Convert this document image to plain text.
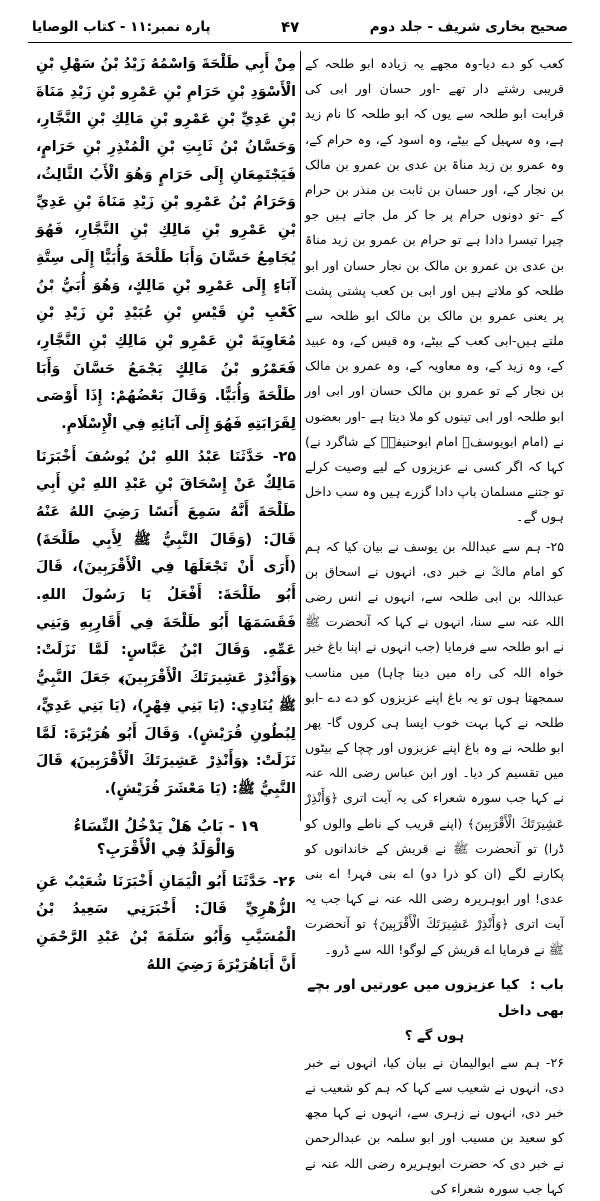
پارہ نمبر:۱۱ - کتاب الوصایا	۴۷	صحیح بخاری شریف - جلد دوم

کعب کو دے دیا-وہ مجھے یہ زیادہ ابو طلحہ کے قریبی رشتے دار تھے -اور حسان اور ابی کی قرابت ابو طلحہ سے یوں کہ ابو طلحہ کا نام زید ہے، وہ سہیل کے بیٹے، وہ اسود کے، وہ حرام کے، وہ عمرو بن زید مناۃ بن عدی بن عمرو بن مالک بن نجار کے، اور حسان بن ثابت بن منذر بن حرام کے -تو دونوں حرام پر جا کر مل جاتے ہیں جو چیرا تیسرا دادا ہے تو حرام بن عمرو بن زید مناۃ بن عدی بن عمرو بن مالک بن نجار حسان اور ابو طلحہ کو ملاتے ہیں اور ابی بن کعب پشتی پشت پر یعنی عمرو بن مالک بن مالک ابو طلحہ سے ملتے ہیں-ابی کعب کے بیٹے، وہ قیس کے، وہ عبید کے، وہ زید کے، وہ معاویہ کے، وہ عمرو بن مالک بن نجار کے تو عمرو بن مالک حسان اور ابی اور ابو طلحہ اور ابی تینوں کو ملا دیتا ہے -اور بعضوں نے (امام ابویوسفؒ امام ابوحنیفہؒ کے شاگرد نے) کہا کہ اگر کسی نے عزیزوں کے لیے وصیت کرلے تو جتنے مسلمان باپ دادا گزرے ہیں وہ سب داخل ہوں گے۔

۲۵- ہم سے عبداللہ بن یوسف نے بیان کیا کہ ہم کو امام مالکؒ نے خبر دی، انہوں نے اسحاق بن عبداللہ بن ابی طلحہ سے، انہوں نے انس رضی اللہ عنہ سے سنا، انہوں نے کہا کہ آنحضرت ﷺ نے ابو طلحہ سے فرمایا (جب انہوں نے اپنا باغ خیر خواہ اللہ کی راہ میں دینا چاہا) میں مناسب سمجھتا ہوں تو یہ باغ اپنے عزیزوں کو دے دے -ابو طلحہ نے کہا بہت خوب ایسا ہی کروں گا- پھر ابو طلحہ نے وہ باغ اپنے عزیزوں اور چچا کے بیٹوں میں تقسیم کر دیا۔ اور ابن عباس رضی اللہ عنہ نے کہا جب سورہ شعراء کی یہ آیت اتری ﴿وَأَنْذِرْ عَشِيرَتَكَ الْأَقْرَبِينَ﴾ (اپنے قریب کے ناطے والوں کو ڈرا) تو آنحضرت ﷺ نے قریش کے خاندانوں کو پکارنے لگے (ان کو ذرا دو) اے بنی فہر! اے بنی عدی! اور ابوہریرہ رضی اللہ عنہ نے کہا جب یہ آیت اتری ﴿وَأَنْذِرْ عَشِيرَتَكَ الْأَقْرَبِينَ﴾ تو آنحضرت ﷺ نے فرمایا اے قریش کے لوگو! اللہ سے ڈرو۔

باب : کیا عزیزوں میں عورتیں اور بچے بھی داخل
ہوں گے ؟

۲۶- ہم سے ابوالیمان نے بیان کیا، انہوں نے خبر دی، انہوں نے شعیب سے کہا کہ ہم کو شعیب نے خبر دی، انہوں نے زہری سے، انہوں نے کہا مجھ کو سعید بن مسیب اور ابو سلمہ بن عبدالرحمن نے خبر دی کہ حضرت ابوہریرہ رضی اللہ عنہ نے کہا جب سورہ شعراء کی

مِنْ أَبِي طَلْحَةَ وَاسْمُهُ زَيْدُ بْنُ سَهْلِ بْنِ الْأَسْوَدِ بْنِ حَرَامِ بْنِ عَمْرِو بْنِ زَيْدِ مَنَاةَ بْنِ عَدِيِّ بْنِ عَمْرِو بْنِ مَالِكِ بْنِ النَّجَّارِ، وَحَسَّانُ بْنُ ثَابِتِ بْنِ الْمُنْذِرِ بْنِ حَرَامٍ، فَيَجْتَمِعَانِ إِلَى حَرَامٍ وَهُوَ الْأَبُ الثَّالِثُ، وَحَرَامُ بْنُ عَمْرِو بْنِ زَيْدِ مَنَاةَ بْنِ عَدِيِّ بْنِ عَمْرِو بْنِ مَالِكِ بْنِ النَّجَّارِ، فَهُوَ يُجَامِعُ حَسَّانَ وَأَبَا طَلْحَةَ وَأُبَيًّا إِلَى سِتَّةِ آبَاءٍ إِلَى عَمْرِو بْنِ مَالِكٍ، وَهُوَ أُبَيُّ بْنُ كَعْبِ بْنِ قَيْسِ بْنِ عُبَيْدِ بْنِ زَيْدِ بْنِ مُعَاوِيَةَ بْنِ عَمْرِو بْنِ مَالِكِ بْنِ النَّجَّارِ، فَعَمْرُو بْنُ مَالِكٍ يَجْمَعُ حَسَّانَ وَأَبَا طَلْحَةَ وَأُبَيًّا. وَقَالَ بَعْضُهُمْ: إِذَا أَوْصَى لِقَرَابَتِهِ فَهُوَ إِلَى آبَائِهِ فِي الْإِسْلَامِ.

۲۵- حَدَّثَنَا عَبْدُ اللهِ بْنُ يُوسُفَ أَخْبَرَنَا مَالِكٌ عَنْ إِسْحَاقَ بْنِ عَبْدِ اللهِ بْنِ أَبِي طَلْحَةَ أَنَّهُ سَمِعَ أَنَسًا رَضِيَ اللهُ عَنْهُ قَالَ: (وَقَالَ النَّبِيُّ ﷺ لِأَبِي طَلْحَةَ) (أَرَى أَنْ تَجْعَلَهَا فِي الْأَقْرَبِينَ)، قَالَ أَبُو طَلْحَةَ: أَفْعَلُ يَا رَسُولَ اللهِ. فَقَسَمَهَا أَبُو طَلْحَةَ فِي أَقَارِبِهِ وَبَنِي عَمِّهِ. وَقَالَ ابْنُ عَبَّاسٍ: لَمَّا نَزَلَتْ: ﴿وَأَنْذِرْ عَشِيرَتَكَ الْأَقْرَبِينَ﴾ جَعَلَ النَّبِيُّ ﷺ يُنَادِي: (يَا بَنِي فِهْرٍ)، (يَا بَنِي عَدِيٍّ، لِبُطُونِ قُرَيْشٍ). وَقَالَ أَبُو هُرَيْرَةَ: لَمَّا نَزَلَتْ: ﴿وَأَنْذِرْ عَشِيرَتَكَ الْأَقْرَبِينَ﴾ قَالَ النَّبِيُّ ﷺ: (يَا مَعْشَرَ قُرَيْشٍ).

۱۹ - بَابُ هَلْ يَدْخُلُ النِّسَاءُ
وَالْوَلَدُ فِي الْأَقْرَبِ؟

۲۶- حَدَّثَنَا أَبُو الْيَمَانِ أَخْبَرَنَا شُعَيْبٌ عَنِ الزُّهْرِيِّ قَالَ: أَخْبَرَنِي سَعِيدُ بْنُ الْمُسَيَّبِ وَأَبُو سَلَمَةَ بْنُ عَبْدِ الرَّحْمَنِ أَنَّ أَبَاهُرَيْرَةَ رَضِيَ اللهُ
